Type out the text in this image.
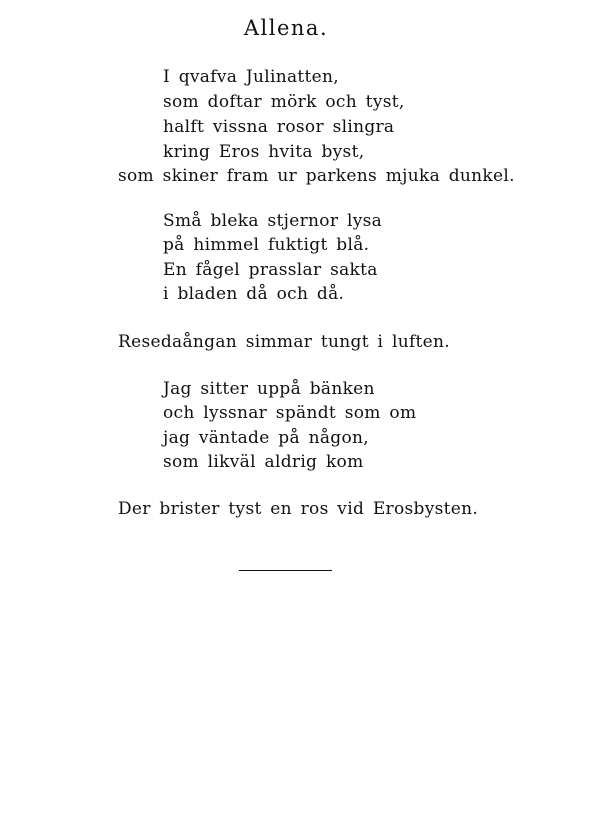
Allena.
I qvafva Julinatten,
som doftar mörk och tyst,
halft vissna rosor slingra
kring Eros hvita byst,
som skiner fram ur parkens mjuka dunkel.
Små bleka stjernor lysa
på himmel fuktigt blå.
En fågel prasslar sakta
i bladen då och då.
Resedaångan simmar tungt i luften.
Jag sitter uppå bänken
och lyssnar spändt som om
jag väntade på någon,
som likväl aldrig kom
Der brister tyst en ros vid Erosbysten.
